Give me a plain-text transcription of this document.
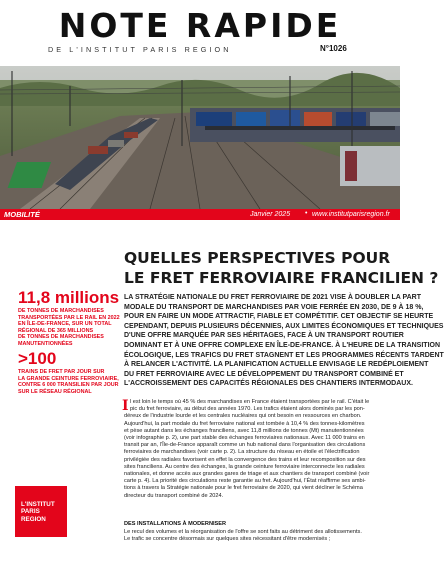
NOTE RAPIDE
DE L'INSTITUT PARIS REGION	N°1026
MOBILITÉ	Janvier 2025 • www.institutparisregion.fr
QUELLES PERSPECTIVES POUR
LE FRET FERROVIAIRE FRANCILIEN ?
LA STRATÉGIE NATIONALE DU FRET FERROVIAIRE DE 2021 VISE À DOUBLER LA PART
MODALE DU TRANSPORT DE MARCHANDISES PAR VOIE FERRÉE EN 2030, DE 9 À 18 %,
POUR EN FAIRE UN MODE ATTRACTIF, FIABLE ET COMPÉTITIF. CET OBJECTIF SE HEURTE
CEPENDANT, DEPUIS PLUSIEURS DÉCENNIES, AUX LIMITES ÉCONOMIQUES ET TECHNIQUES
D'UNE OFFRE MARQUÉE PAR SES HÉRITAGES, FACE À UN TRANSPORT ROUTIER
DOMINANT ET À UNE OFFRE COMPLEXE EN ÎLE-DE-FRANCE. À L'HEURE DE LA TRANSITION
ÉCOLOGIQUE, LES TRAFICS DU FRET STAGNENT ET LES PROGRAMMES RÉCENTS TARDENT
À RELANCER L'ACTIVITÉ. LA PLANIFICATION ACTUELLE ENVISAGE LE REDÉPLOIEMENT
DU FRET FERROVIAIRE AVEC LE DÉVELOPPEMENT DU TRANSPORT COMBINÉ ET
L'ACCROISSEMENT DES CAPACITÉS RÉGIONALES DES CHANTIERS INTERMODAUX.
11,8 millions
DE TONNES DE MARCHANDISES
TRANSPORTÉES PAR LE RAIL EN 2022
EN ÎLE-DE-FRANCE, SUR UN TOTAL
RÉGIONAL DE 365 MILLIONS
DE TONNES DE MARCHANDISES
MANUTENTIONNÉES
>100
TRAINS DE FRET PAR JOUR SUR
LA GRANDE CEINTURE FERROVIAIRE,
CONTRE 6 000 TRANSILIEN PAR JOUR
SUR LE RÉSEAU RÉGIONAL
L'INSTITUT
PARIS
REGION
I l est loin le temps où 45 % des marchandises en France étaient transportées par le rail. C'était le
pic du fret ferroviaire, au début des années 1970. Les trafics étaient alors dominés par les pon-
déreux de l'industrie lourde et les centrales nucléaires qui ont besoin en ressources en charbon.
Aujourd'hui, la part modale du fret ferroviaire national est tombée à 10,4 % des tonnes-kilomètres
et pèse autant dans les échanges franciliens, avec 11,8 millions de tonnes (Mt) manutentionnées
(voir infographie p. 2), une part stable des échanges ferroviaires nationaux. Avec 11 000 trains en
transit par an, l'Île-de-France apparaît comme un hub national dans l'organisation des circulations
ferroviaires de marchandises (voir carte p. 2). La structure du réseau en étoile et l'électrification
privilégiée des radiales favorisent en effet la convergence des trains et leur recomposition sur des
sites franciliens. Au centre des échanges, la grande ceinture ferroviaire interconnecte les radiales
nationales, et donne accès aux grandes gares de triage et aux chantiers de transport combiné (voir
carte p. 4). La priorité des circulations reste garantie au fret. Aujourd'hui, l'État réaffirme ses ambi-
tions à travers la Stratégie nationale pour le fret ferroviaire de 2020, qui vient décliner le Schéma
directeur du transport combiné de 2024.
DES INSTALLATIONS À MODERNISER
Le recul des volumes et la réorganisation de l'offre se sont faits au détriment des allotissements.
Le trafic se concentre désormais sur quelques sites nécessitant d'être modernisés ;
